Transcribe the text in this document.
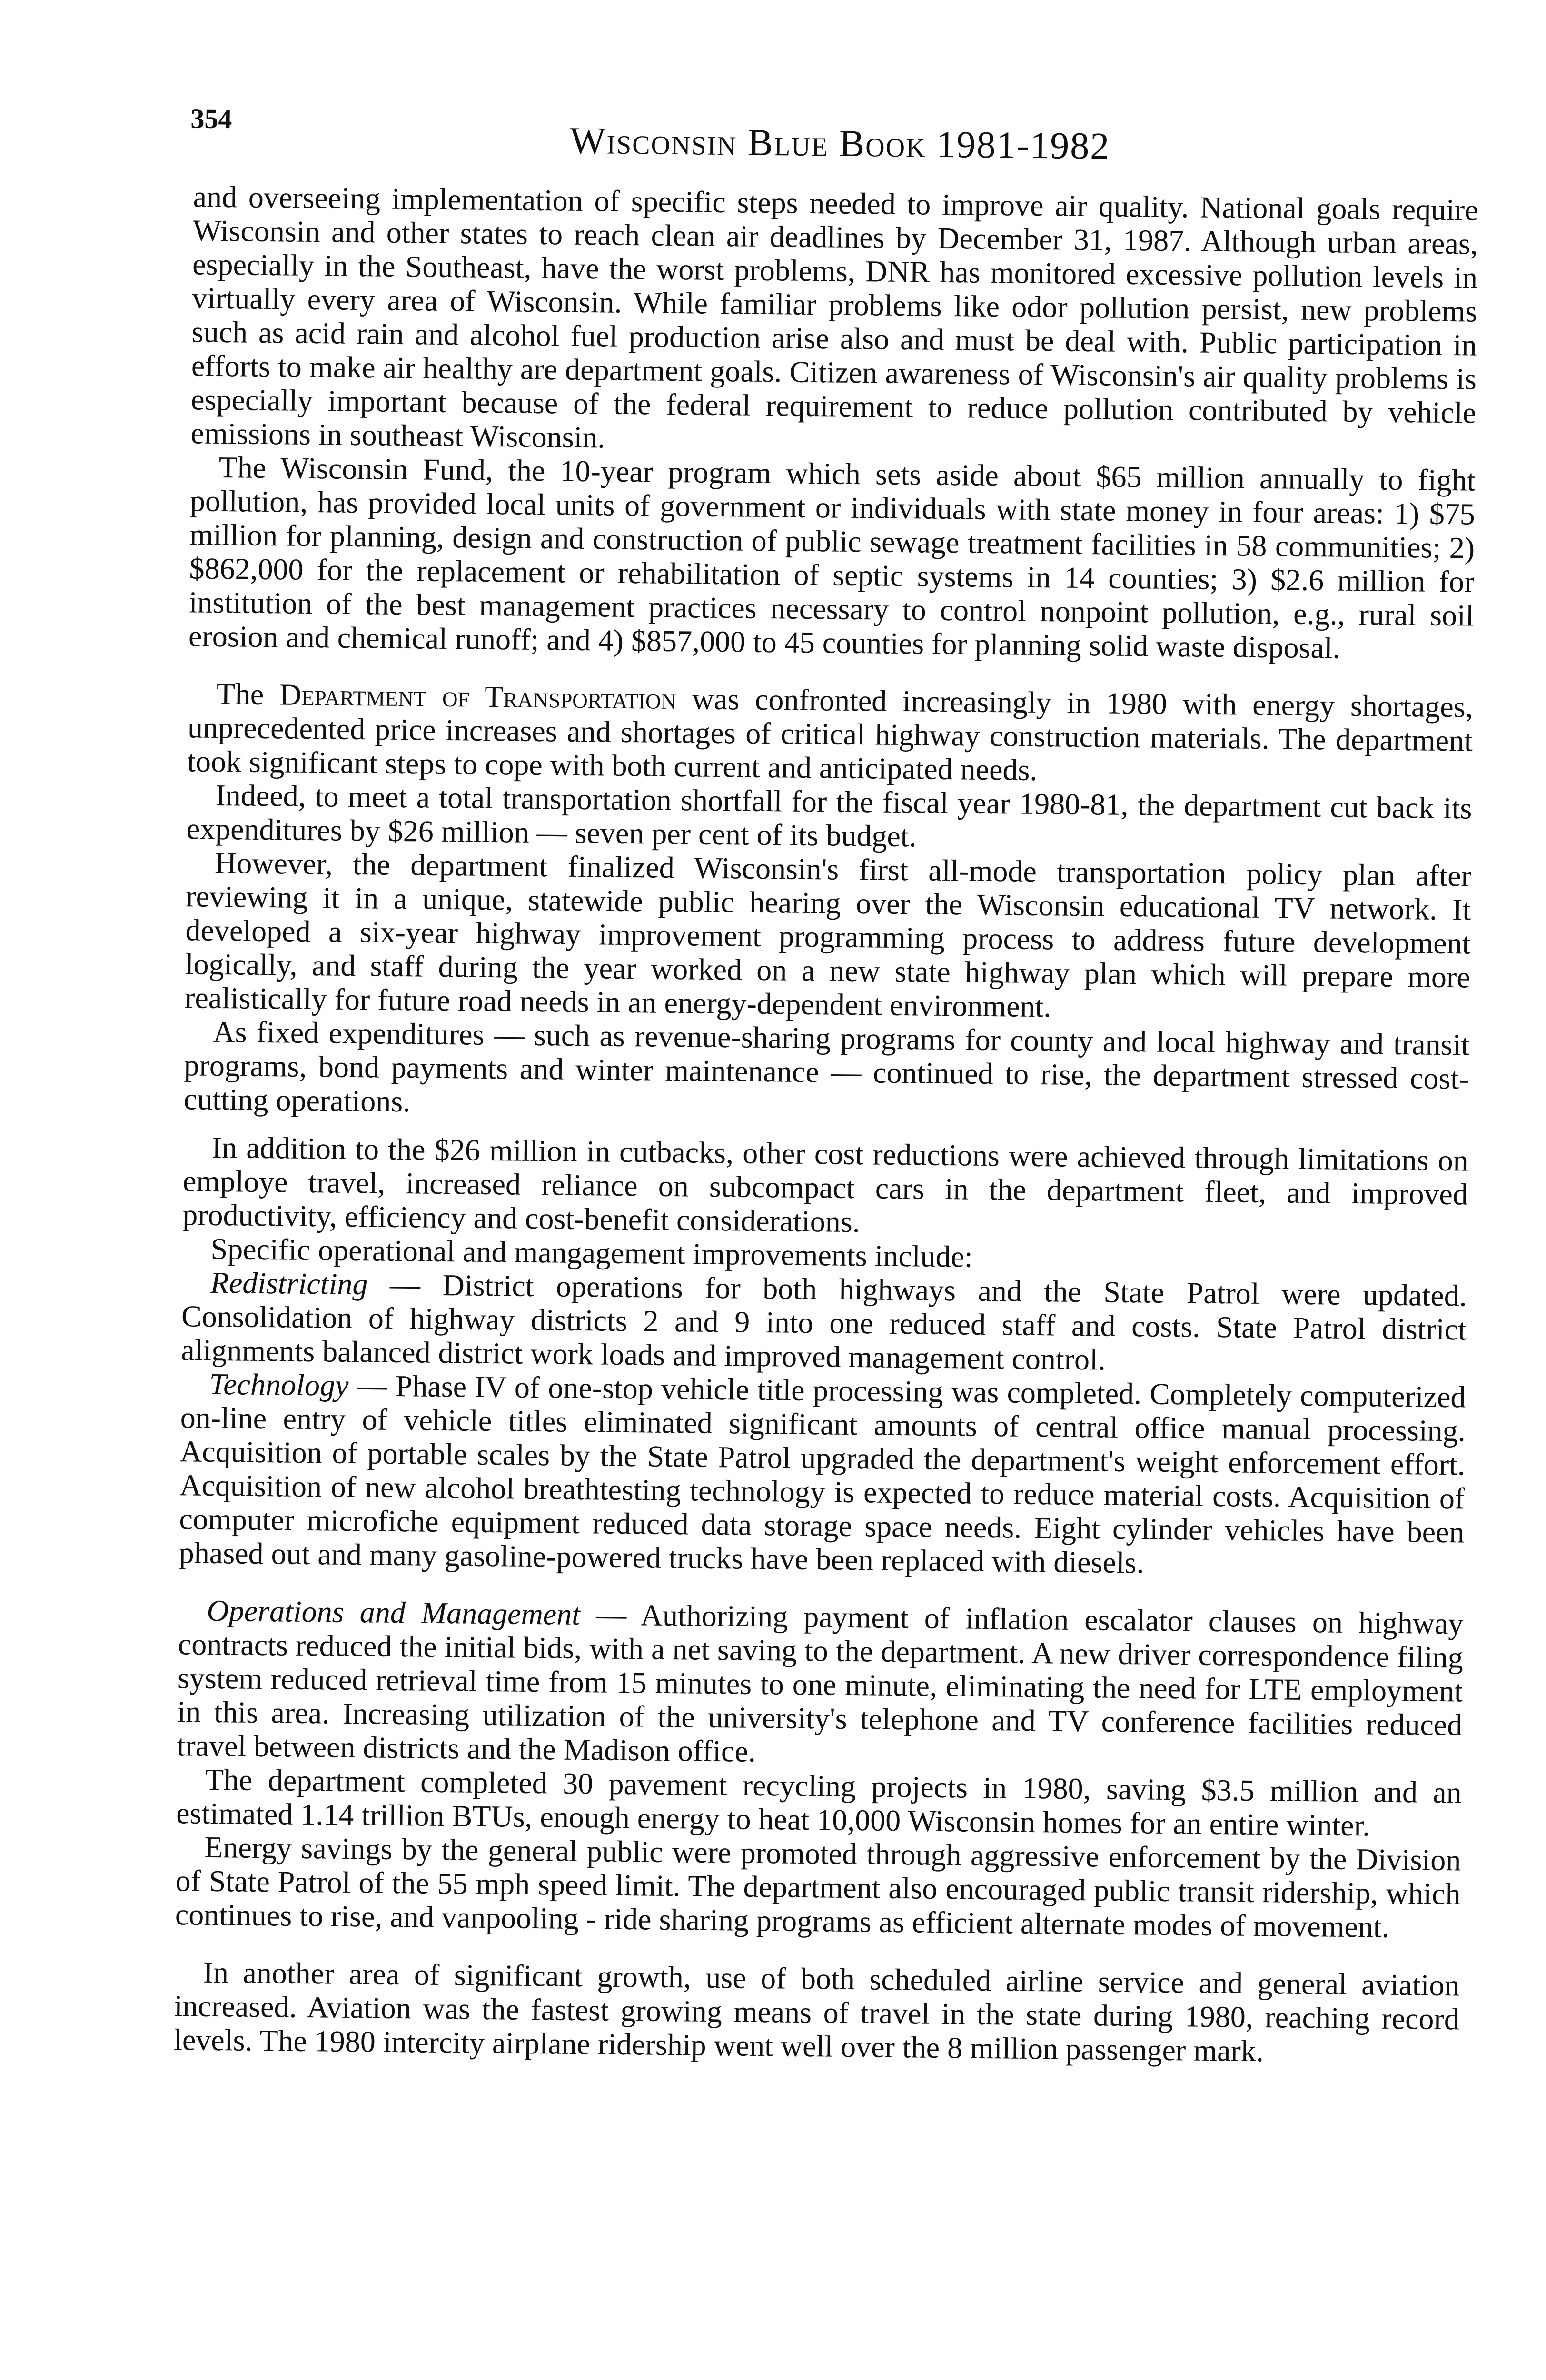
354
Wisconsin Blue Book 1981-1982

and overseeing implementation of specific steps needed to improve air quality. National goals require Wisconsin and other states to reach clean air deadlines by December 31, 1987. Although urban areas, especially in the Southeast, have the worst problems, DNR has monitored excessive pollution levels in virtually every area of Wisconsin. While familiar problems like odor pollution persist, new problems such as acid rain and alcohol fuel production arise also and must be deal with. Public participation in efforts to make air healthy are department goals. Citizen awareness of Wisconsin's air quality problems is especially important because of the federal requirement to reduce pollution contributed by vehicle emissions in southeast Wisconsin.

The Wisconsin Fund, the 10-year program which sets aside about $65 million annually to fight pollution, has provided local units of government or individuals with state money in four areas: 1) $75 million for planning, design and construction of public sewage treatment facilities in 58 communities; 2) $862,000 for the replacement or rehabilitation of septic systems in 14 counties; 3) $2.6 million for institution of the best management practices necessary to control nonpoint pollution, e.g., rural soil erosion and chemical runoff; and 4) $857,000 to 45 counties for planning solid waste disposal.

The Department of Transportation was confronted increasingly in 1980 with energy shortages, unprecedented price increases and shortages of critical highway construction materials. The department took significant steps to cope with both current and anticipated needs.

Indeed, to meet a total transportation shortfall for the fiscal year 1980-81, the department cut back its expenditures by $26 million — seven per cent of its budget.

However, the department finalized Wisconsin's first all-mode transportation policy plan after reviewing it in a unique, statewide public hearing over the Wisconsin educational TV network. It developed a six-year highway improvement programming process to address future development logically, and staff during the year worked on a new state highway plan which will prepare more realistically for future road needs in an energy-dependent environment.

As fixed expenditures — such as revenue-sharing programs for county and local highway and transit programs, bond payments and winter maintenance — continued to rise, the department stressed cost-cutting operations.

In addition to the $26 million in cutbacks, other cost reductions were achieved through limitations on employe travel, increased reliance on subcompact cars in the department fleet, and improved productivity, efficiency and cost-benefit considerations.

Specific operational and mangagement improvements include:

Redistricting — District operations for both highways and the State Patrol were updated. Consolidation of highway districts 2 and 9 into one reduced staff and costs. State Patrol district alignments balanced district work loads and improved management control.

Technology — Phase IV of one-stop vehicle title processing was completed. Completely computerized on-line entry of vehicle titles eliminated significant amounts of central office manual processing. Acquisition of portable scales by the State Patrol upgraded the department's weight enforcement effort. Acquisition of new alcohol breathtesting technology is expected to reduce material costs. Acquisition of computer microfiche equipment reduced data storage space needs. Eight cylinder vehicles have been phased out and many gasoline-powered trucks have been replaced with diesels.

Operations and Management — Authorizing payment of inflation escalator clauses on highway contracts reduced the initial bids, with a net saving to the department. A new driver correspondence filing system reduced retrieval time from 15 minutes to one minute, eliminating the need for LTE employment in this area. Increasing utilization of the university's telephone and TV conference facilities reduced travel between districts and the Madison office.

The department completed 30 pavement recycling projects in 1980, saving $3.5 million and an estimated 1.14 trillion BTUs, enough energy to heat 10,000 Wisconsin homes for an entire winter.

Energy savings by the general public were promoted through aggressive enforcement by the Division of State Patrol of the 55 mph speed limit. The department also encouraged public transit ridership, which continues to rise, and vanpooling - ride sharing programs as efficient alternate modes of movement.

In another area of significant growth, use of both scheduled airline service and general aviation increased. Aviation was the fastest growing means of travel in the state during 1980, reaching record levels. The 1980 intercity airplane ridership went well over the 8 million passenger mark.
